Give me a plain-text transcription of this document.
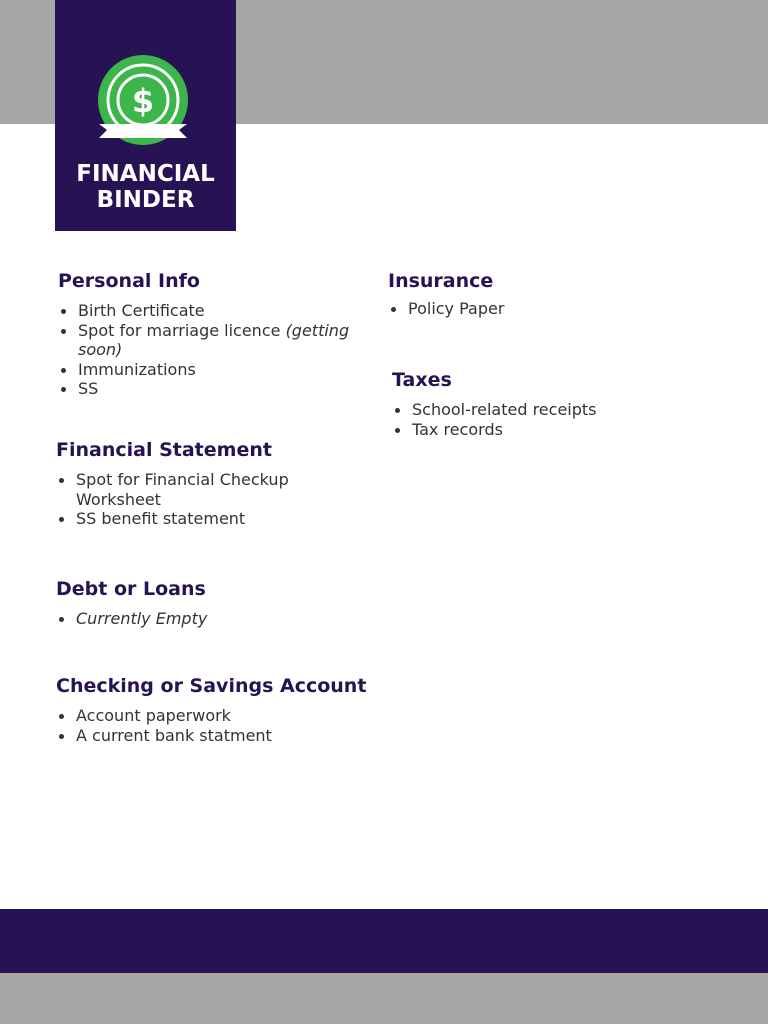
$
FINANCIAL
BINDER
Personal Info
Birth Certificate
Spot for marriage licence (getting soon)
Immunizations
SS
Financial Statement
Spot for Financial Checkup Worksheet
SS benefit statement
Debt or Loans
Currently Empty
Checking or Savings Account
Account paperwork
A current bank statment
Insurance
Policy Paper
Taxes
School-related receipts
Tax records
